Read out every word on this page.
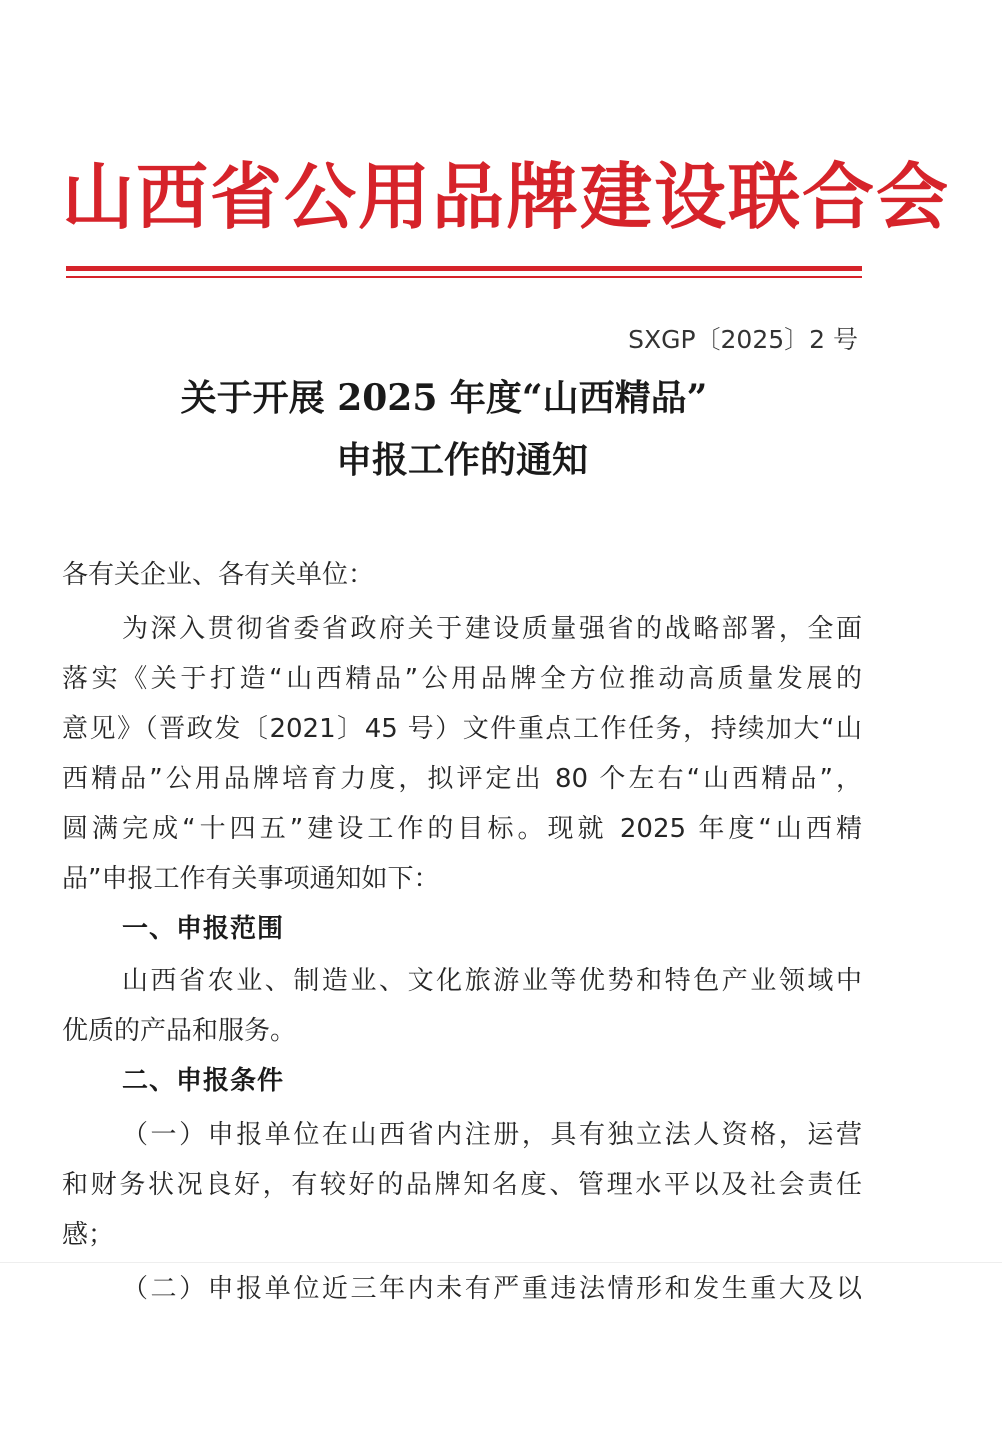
山西省公用品牌建设联合会
SXGP〔2025〕2 号
关于开展 2025 年度“山西精品”
申报工作的通知
各有关企业、各有关单位：
为深入贯彻省委省政府关于建设质量强省的战略部署，全面
落实《关于打造“山西精品”公用品牌全方位推动高质量发展的
意见》（晋政发〔2021〕45 号）文件重点工作任务，持续加大“山
西精品”公用品牌培育力度，拟评定出 80 个左右“山西精品”，
圆满完成“十四五”建设工作的目标。现就 2025 年度“山西精
品”申报工作有关事项通知如下：
一、申报范围
山西省农业、制造业、文化旅游业等优势和特色产业领域中
优质的产品和服务。
二、申报条件
（一）申报单位在山西省内注册，具有独立法人资格，运营
和财务状况良好，有较好的品牌知名度、管理水平以及社会责任
感；
（二）申报单位近三年内未有严重违法情形和发生重大及以
